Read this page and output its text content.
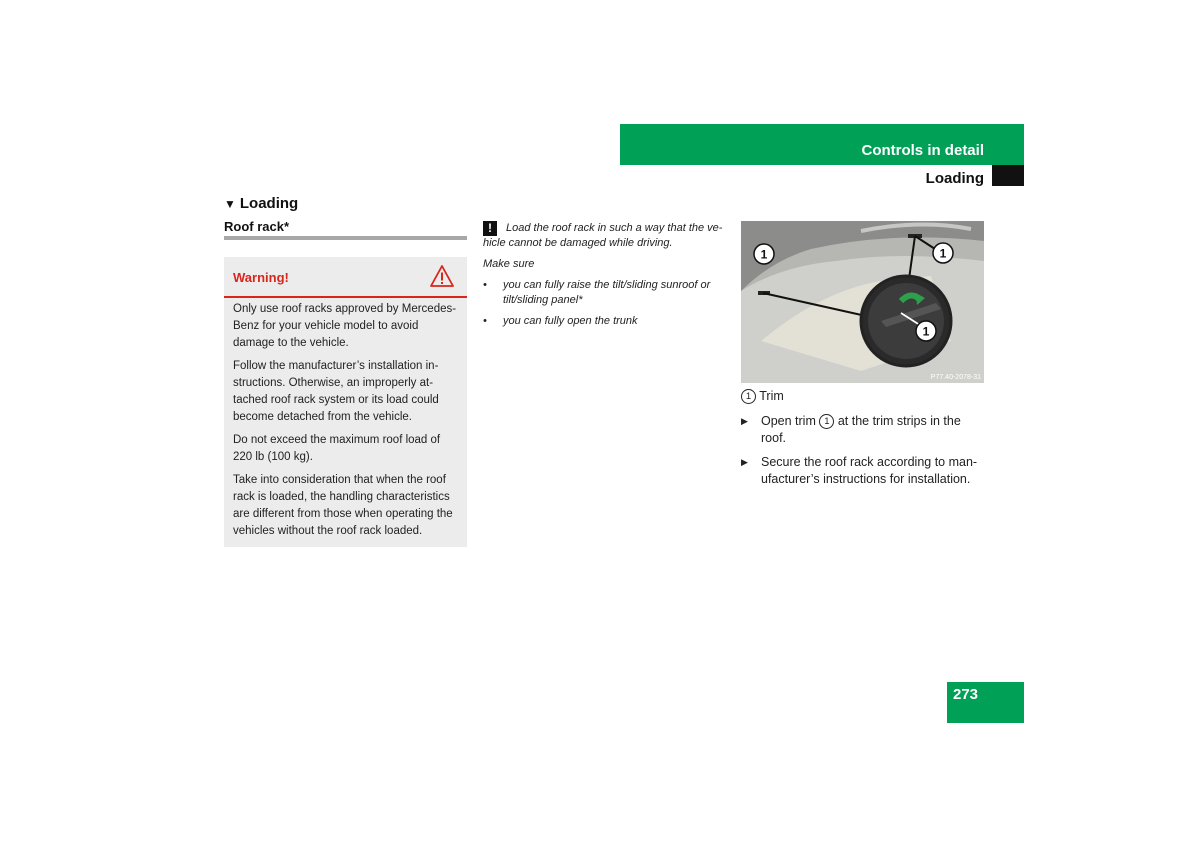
Controls in detail
Loading
▼ Loading
Roof rack*
Warning!
Only use roof racks approved by Mercedes-Benz for your vehicle model to avoid damage to the vehicle.
Follow the manufacturer’s installation in-structions. Otherwise, an improperly at-tached roof rack system or its load could become detached from the vehicle.
Do not exceed the maximum roof load of 220 lb (100 kg).
Take into consideration that when the roof rack is loaded, the handling characteristics are different from those when operating the vehicles without the roof rack loaded.
!	Load the roof rack in such a way that the ve-hicle cannot be damaged while driving.
Make sure
• you can fully raise the tilt/sliding sunroof or tilt/sliding panel*
• you can fully open the trunk
1	1
1
P77.40-2078-31
1 Trim
▶ Open trim 1 at the trim strips in the roof.
▶ Secure the roof rack according to man-ufacturer’s instructions for installation.
273
